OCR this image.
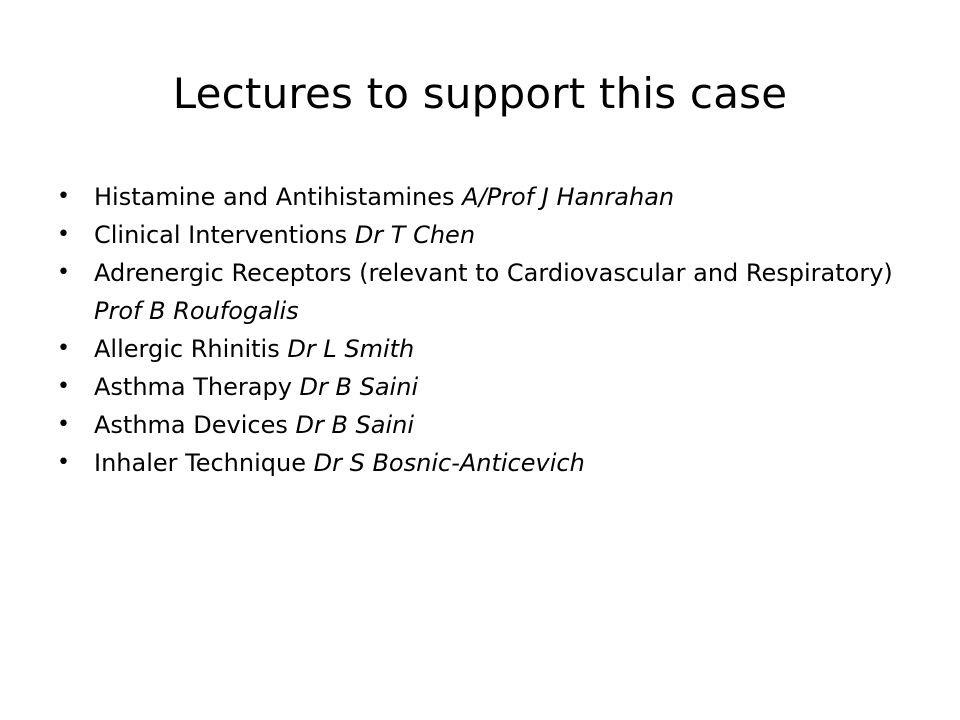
Lectures to support this case
• Histamine and Antihistamines A/Prof J Hanrahan
• Clinical Interventions Dr T Chen
• Adrenergic Receptors (relevant to Cardiovascular and Respiratory) Prof B Roufogalis
• Allergic Rhinitis Dr L Smith
• Asthma Therapy Dr B Saini
• Asthma Devices Dr B Saini
• Inhaler Technique Dr S Bosnic-Anticevich
